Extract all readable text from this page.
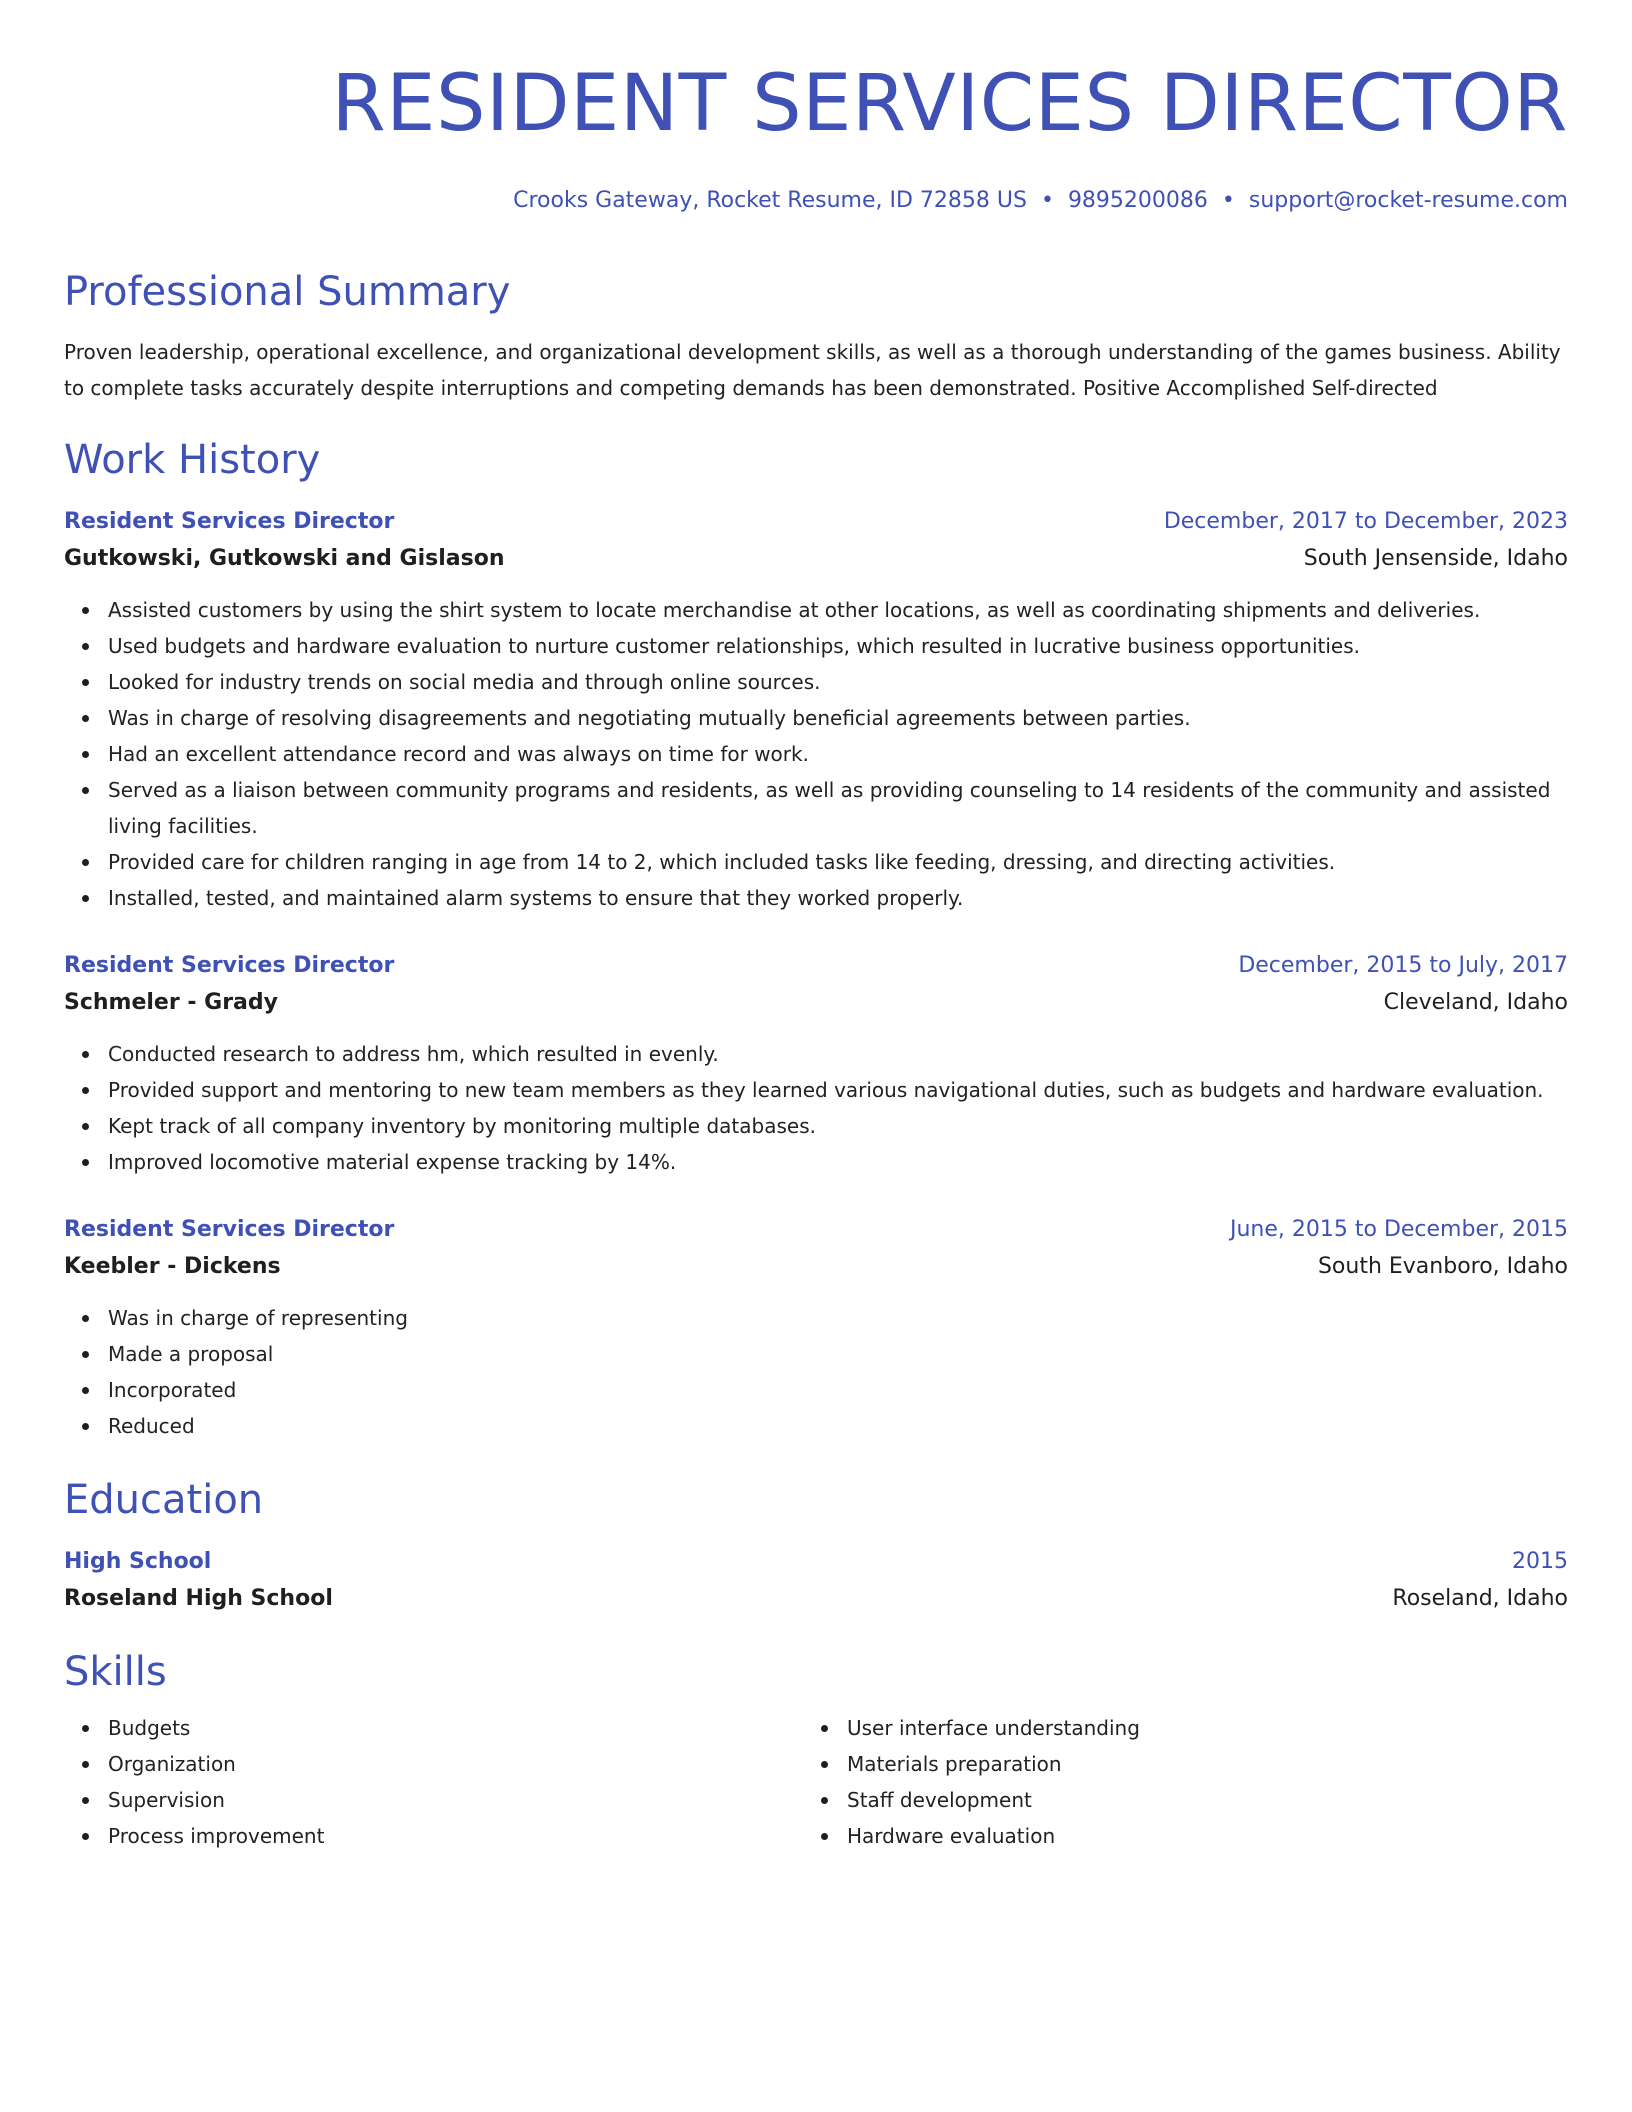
RESIDENT SERVICES DIRECTOR
Crooks Gateway, Rocket Resume, ID 72858 US • 9895200086 • support@rocket-resume.com
Professional Summary
Proven leadership, operational excellence, and organizational development skills, as well as a thorough understanding of the games business. Ability to complete tasks accurately despite interruptions and competing demands has been demonstrated. Positive Accomplished Self-directed
Work History
Resident Services Director	December, 2017 to December, 2023
Gutkowski, Gutkowski and Gislason	South Jensenside, Idaho
Assisted customers by using the shirt system to locate merchandise at other locations, as well as coordinating shipments and deliveries.
Used budgets and hardware evaluation to nurture customer relationships, which resulted in lucrative business opportunities.
Looked for industry trends on social media and through online sources.
Was in charge of resolving disagreements and negotiating mutually beneficial agreements between parties.
Had an excellent attendance record and was always on time for work.
Served as a liaison between community programs and residents, as well as providing counseling to 14 residents of the community and assisted living facilities.
Provided care for children ranging in age from 14 to 2, which included tasks like feeding, dressing, and directing activities.
Installed, tested, and maintained alarm systems to ensure that they worked properly.
Resident Services Director	December, 2015 to July, 2017
Schmeler - Grady	Cleveland, Idaho
Conducted research to address hm, which resulted in evenly.
Provided support and mentoring to new team members as they learned various navigational duties, such as budgets and hardware evaluation.
Kept track of all company inventory by monitoring multiple databases.
Improved locomotive material expense tracking by 14%.
Resident Services Director	June, 2015 to December, 2015
Keebler - Dickens	South Evanboro, Idaho
Was in charge of representing
Made a proposal
Incorporated
Reduced
Education
High School	2015
Roseland High School	Roseland, Idaho
Skills
Budgets
Organization
Supervision
Process improvement
User interface understanding
Materials preparation
Staff development
Hardware evaluation
